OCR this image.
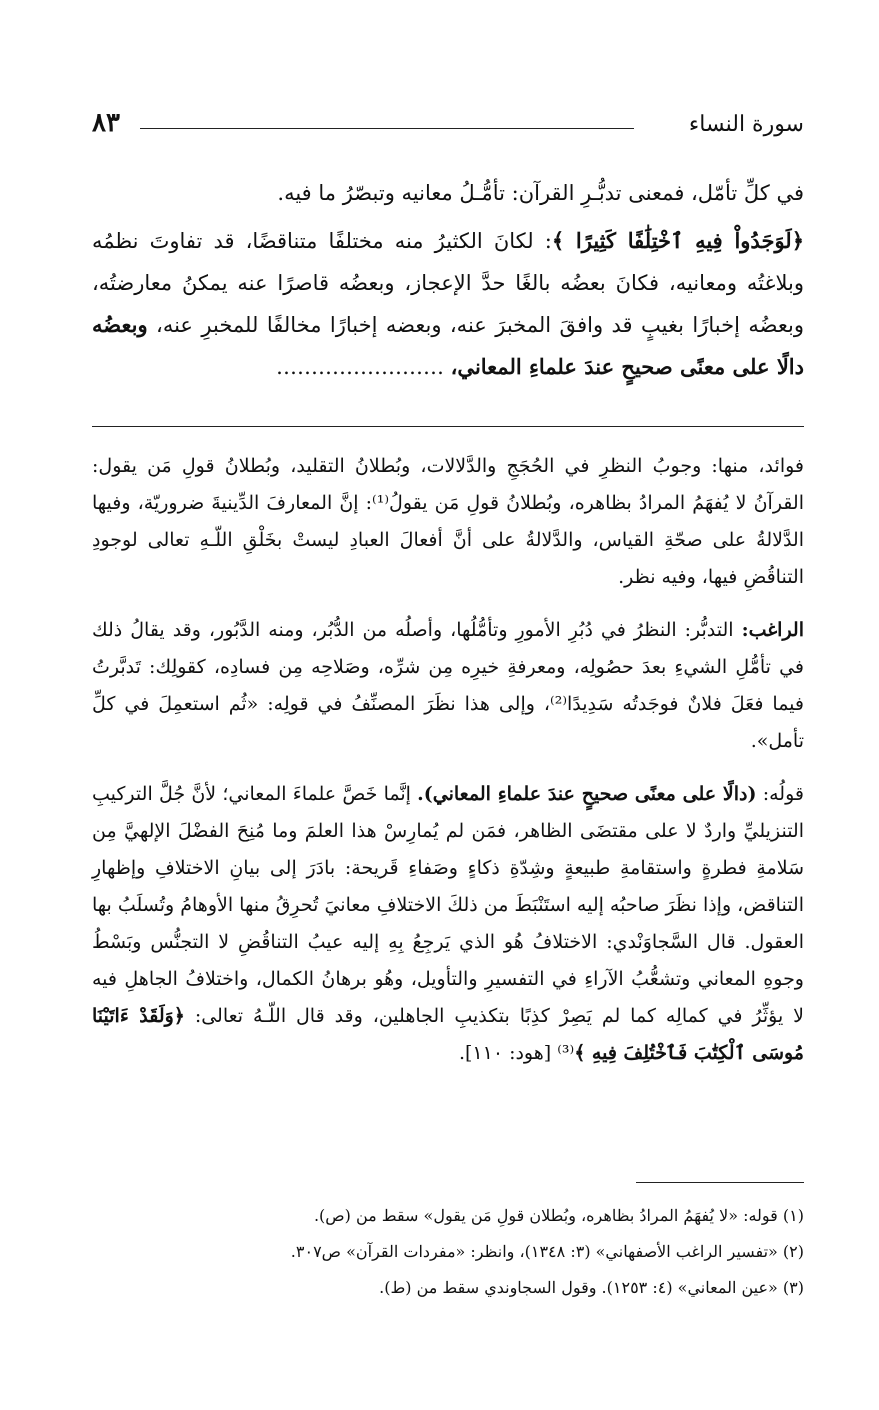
سورة النساء
٨٣

في كلِّ تأمّل، فمعنى تدبُّـرِ القرآن: تأمُّـلُ معانيه وتبصّرُ ما فيه.

﴿لَوَجَدُواْ فِيهِ ٱخْتِلَٰفًا كَثِيرًا ﴾: لكانَ الكثيرُ منه مختلفًا متناقضًا، قد تفاوتَ نظمُه وبلاغتُه ومعانيه، فكانَ بعضُه بالغًا حدَّ الإعجاز، وبعضُه قاصرًا عنه يمكنُ معارضتُه، وبعضُه إخبارًا بغيبٍ قد وافقَ المخبرَ عنه، وبعضه إخبارًا مخالفًا للمخبرِ عنه، وبعضُه دالًا على معنًى صحيحٍ عندَ علماءِ المعاني، ……………………

فوائد، منها: وجوبُ النظرِ في الحُجَجِ والدَّلالات، وبُطلانُ التقليد، وبُطلانُ قولِ مَن يقول: القرآنُ لا يُفهَمُ المرادُ بظاهره، وبُطلانُ قولِ مَن يقولُ⁽¹⁾: إنَّ المعارفَ الدِّينيةَ ضروريّة، وفيها الدَّلالةُ على صحّةِ القياس، والدَّلالةُ على أنَّ أفعالَ العبادِ ليستْ بخَلْقِ اللّـهِ تعالى لوجودِ التناقُضِ فيها، وفيه نظر.

الراغب: التدبُّر: النظرُ في دُبُرِ الأمورِ وتأمُّلُها، وأصلُه من الدُّبُر، ومنه الدَّبُور، وقد يقالُ ذلك في تأمُّلِ الشيءِ بعدَ حصُولِه، ومعرفةِ خيرِه مِن شرِّه، وصَلاحِه مِن فسادِه، كقولِك: تَدبَّرتُ فيما فعَلَ فلانٌ فوجَدتُه سَدِيدًا⁽²⁾، وإلى هذا نظَرَ المصنِّفُ في قولِه: «ثُم استعمِلَ في كلِّ تأمل».

قولُه: (دالًا على معنًى صحيحٍ عندَ علماءِ المعاني). إنَّما خَصَّ علماءَ المعاني؛ لأنَّ جُلَّ التركيبِ التنزيليِّ واردٌ لا على مقتضَى الظاهر، فمَن لم يُمارِسْ هذا العلمَ وما مُنِحَ الفضْلَ الإلهيَّ مِن سَلامةِ فطرةٍ واستقامةِ طبيعةٍ وشِدّةِ ذكاءٍ وصَفاءِ قَريحة: بادَرَ إلى بيانِ الاختلافِ وإظهارِ التناقض، وإذا نظَرَ صاحبُه إليه استَنْبَطَ من ذلكَ الاختلافِ معانيَ تُحرِقُ منها الأوهامُ وتُسلَبُ بها العقول. قال السَّجاوَنْدي: الاختلافُ هُو الذي يَرجِعُ بِهِ إليه عيبُ التناقُضِ لا التجنُّس وبَسْطُ وجوهِ المعاني وتشعُّبُ الآراءِ في التفسيرِ والتأويل، وهُو برهانُ الكمال، واختلافُ الجاهلِ فيه لا يؤثِّرُ في كمالِه كما لم يَصِرْ كذِبًا بتكذيبِ الجاهلين، وقد قال اللّـهُ تعالى: ﴿وَلَقَدْ ءَاتَيْنَا مُوسَى ٱلْكِتَٰبَ فَٱخْتُلِفَ فِيهِ ﴾⁽³⁾ [هود: ١١٠].

(١) قوله: «لا يُفهَمُ المرادُ بظاهره، وبُطلان قولِ مَن يقول» سقط من (ص).
(٢) «تفسير الراغب الأصفهاني» (٣: ١٣٤٨)، وانظر: «مفردات القرآن» ص٣٠٧.
(٣) «عين المعاني» (٤: ١٢٥٣). وقول السجاوندي سقط من (ط).
